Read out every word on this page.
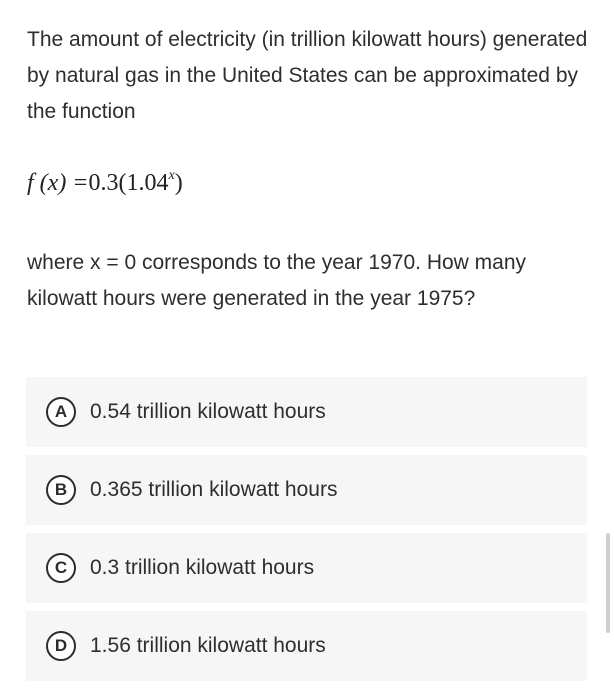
The amount of electricity (in trillion kilowatt hours) generated by natural gas in the United States can be approximated by the function
f $(x) =0.3(1.04^x)$
where x = 0 corresponds to the year 1970. How many kilowatt hours were generated in the year 1975?
A	0.54 trillion kilowatt hours
B	0.365 trillion kilowatt hours
C	0.3 trillion kilowatt hours
D	1.56 trillion kilowatt hours
